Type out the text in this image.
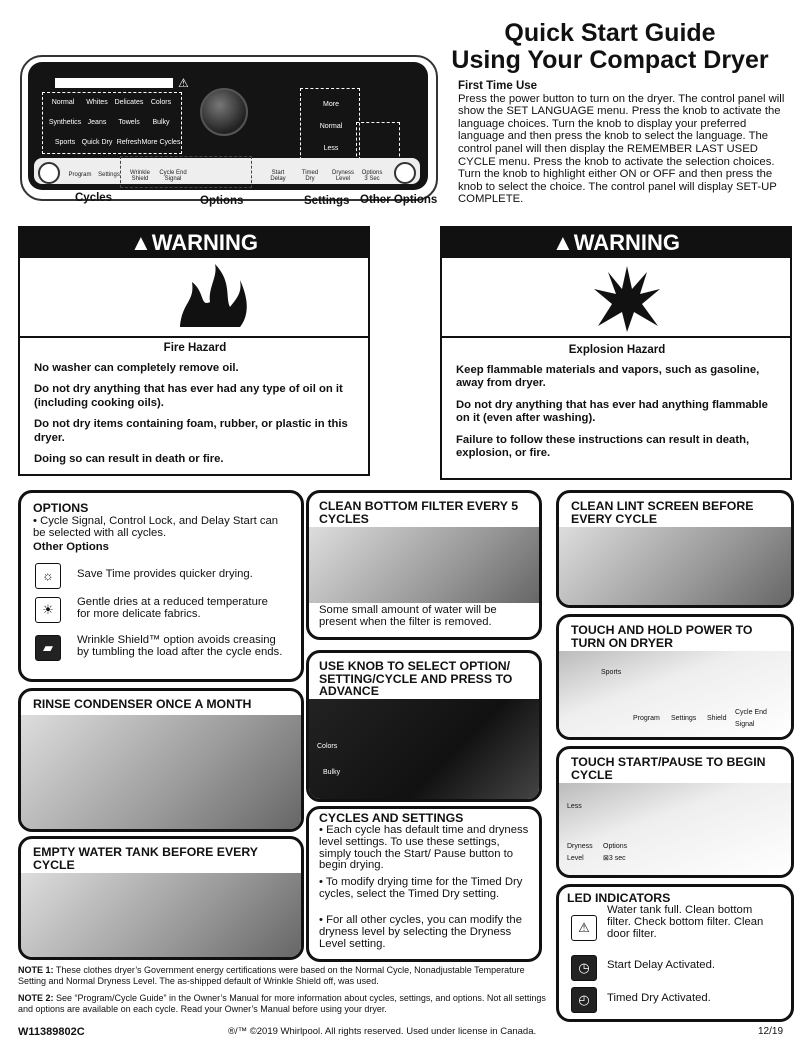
Quick Start Guide
Using Your Compact Dryer
First Time Use
Press the power button to turn on the dryer. The control panel will show the SET LANGUAGE menu. Press the knob to activate the language choices. Turn the knob to display your preferred language and then press the knob to select the language. The control panel will then display the REMEMBER LAST USED CYCLE menu. Press the knob to activate the selection choices. Turn the knob to highlight either ON or OFF and then press the knob to select the choice. The control panel will display SET-UP COMPLETE.
⚠
Normal	Whites Delicates	Colors
Synthetics Jeans	Towels	Bulky
Sports Quick Dry Refresh More Cycles
More
Normal
Less
Program	Settings	Wrinkle Shield
Cycle End Signal
Start Delay
Timed Dry
Dryness Level
Options 3 Sec
Cycles	Options	Settings Other Options
▲WARNING
Fire Hazard

No washer can completely remove oil.

Do not dry anything that has ever had any type of oil on it (including cooking oils).

Do not dry items containing foam, rubber, or plastic in this dryer.

Doing so can result in death or fire.

▲WARNING
Explosion Hazard

Keep flammable materials and vapors, such as gasoline, away from dryer.

Do not dry anything that has ever had anything flammable on it (even after washing).

Failure to follow these instructions can result in death, explosion, or fire.

OPTIONS
• Cycle Signal, Control Lock, and Delay Start can be selected with all cycles.
Other Options
☼	Save Time provides quicker drying.
☀	Gentle dries at a reduced temperature for more delicate fabrics.
▰	Wrinkle Shield™ option avoids creasing by tumbling the load after the cycle ends.
CLEAN BOTTOM FILTER EVERY 5 CYCLES
Some small amount of water will be present when the filter is removed.
CLEAN LINT SCREEN BEFORE EVERY CYCLE
TOUCH AND HOLD POWER TO TURN ON DRYER
Sports
Program Settings Shield
Cycle End Signal
RINSE CONDENSER ONCE A MONTH
USE KNOB TO SELECT OPTION/ SETTING/CYCLE AND PRESS TO ADVANCE
Colors
Bulky
TOUCH START/PAUSE TO BEGIN CYCLE
Less
Dryness Level
Options ⊠3 sec
EMPTY WATER TANK BEFORE EVERY CYCLE
CYCLES AND SETTINGS
• Each cycle has default time and dryness level settings. To use these settings, simply touch the Start/ Pause button to begin drying.
• To modify drying time for the Timed Dry cycles, select the Timed Dry setting.
• For all other cycles, you can modify the dryness level by selecting the Dryness Level setting.
LED INDICATORS
⚠
Water tank full. Clean bottom filter. Check bottom filter. Clean door filter.
◷	Start Delay Activated.
◴	Timed Dry Activated.
NOTE 1: These clothes dryer’s Government energy certifications were based on the Normal Cycle, Nonadjustable Temperature Setting and Normal Dryness Level. The as-shipped default of Wrinkle Shield off, was used.
NOTE 2: See “Program/Cycle Guide” in the Owner’s Manual for more information about cycles, settings, and options. Not all settings and options are available on each cycle. Read your Owner’s Manual before using your dryer.
W11389802C	®/™ ©2019 Whirlpool. All rights reserved. Used under license in Canada.	12/19
